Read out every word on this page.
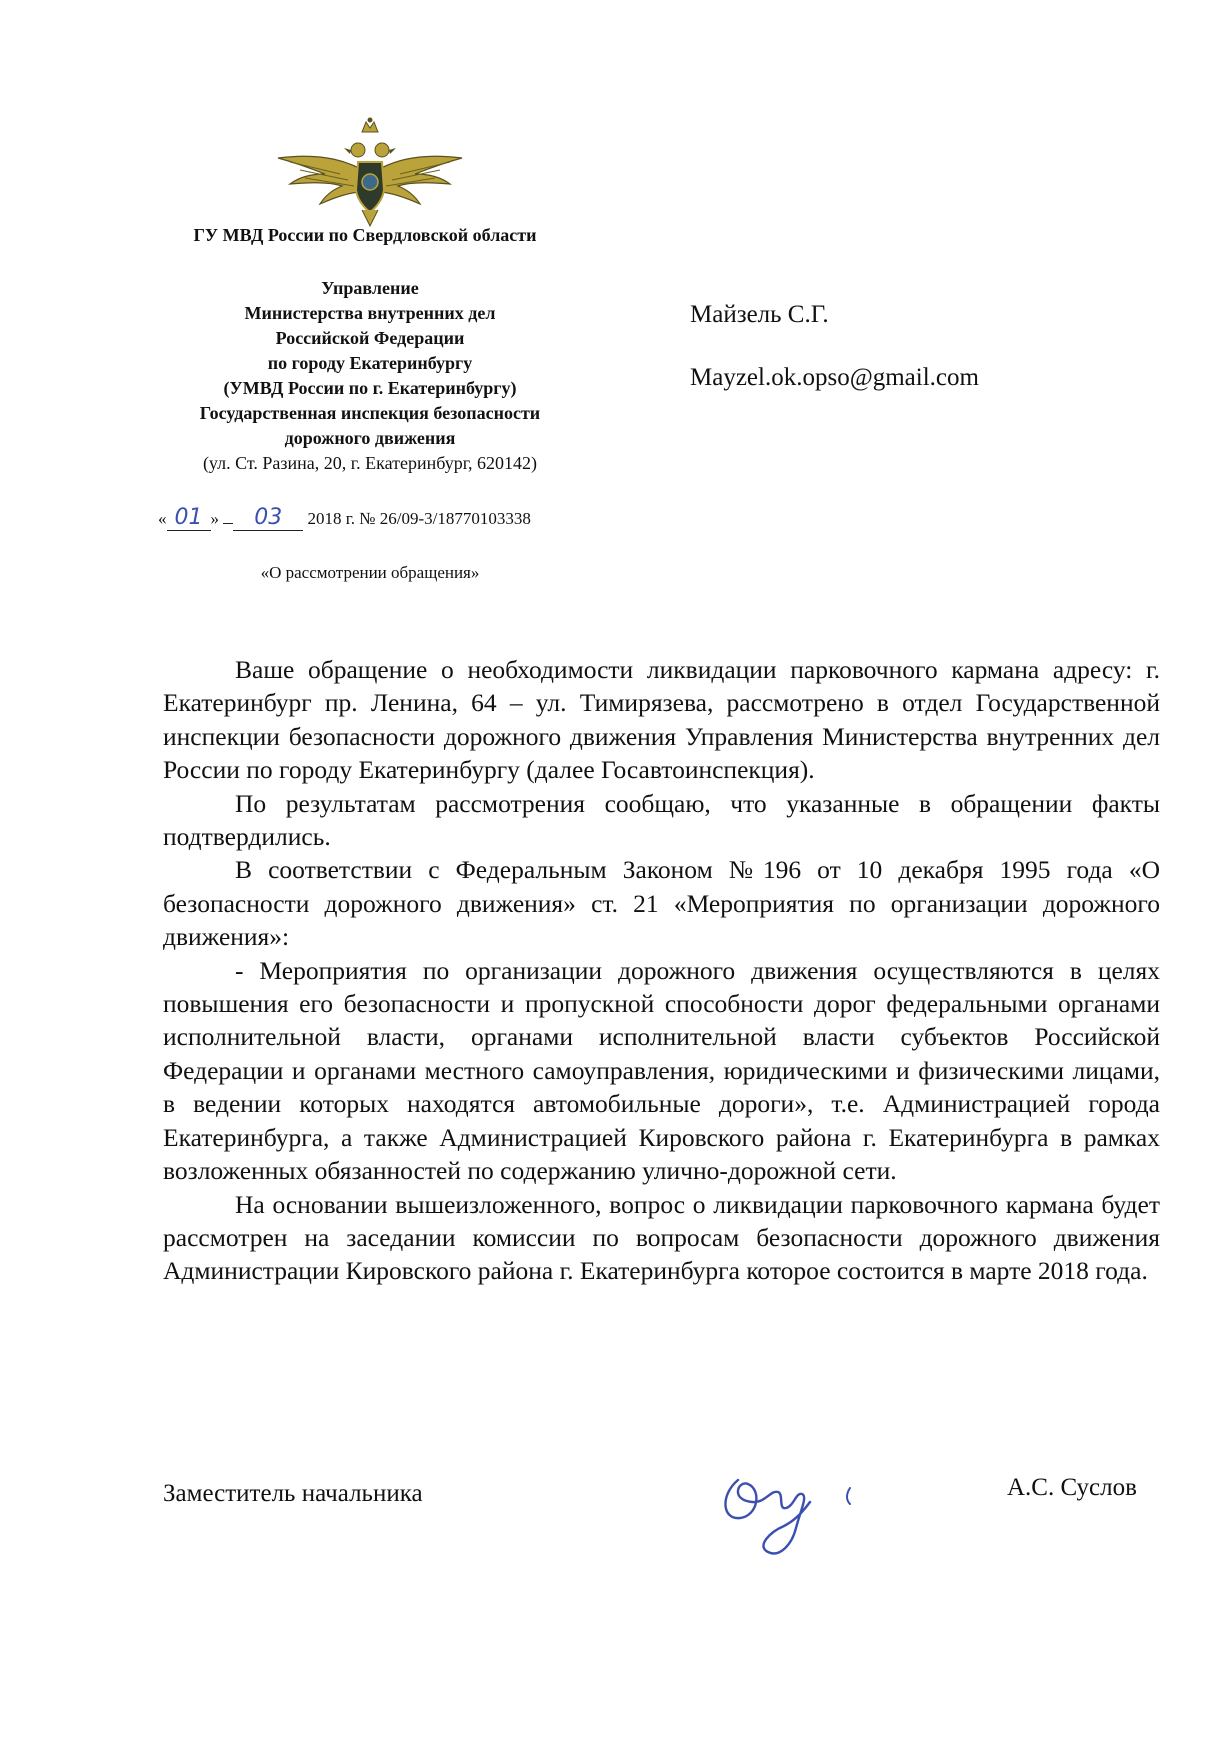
ГУ МВД России по Свердловской области
Управление
Министерства внутренних дел
Российской Федерации
по городу Екатеринбургу
(УМВД России по г. Екатеринбургу)
Государственная инспекция безопасности
дорожного движения
(ул. Ст. Разина, 20, г. Екатеринбург, 620142)
« 01 » 03 2018 г. № 26/09-3/18770103338
«О рассмотрении обращения»
Майзель С.Г.
Mayzel.ok.opso@gmail.com

Ваше обращение о необходимости ликвидации парковочного кармана адресу: г. Екатеринбург пр. Ленина, 64 – ул. Тимирязева, рассмотрено в отдел Государственной инспекции безопасности дорожного движения Управления Министерства внутренних дел России по городу Екатеринбургу (далее Госавтоинспекция).

По результатам рассмотрения сообщаю, что указанные в обращении факты подтвердились.

В соответствии с Федеральным Законом №196 от 10 декабря 1995 года «О безопасности дорожного движения» ст. 21 «Мероприятия по организации дорожного движения»:

- Мероприятия по организации дорожного движения осуществляются в целях повышения его безопасности и пропускной способности дорог федеральными органами исполнительной власти, органами исполнительной власти субъектов Российской Федерации и органами местного самоуправления, юридическими и физическими лицами, в ведении которых находятся автомобильные дороги», т.е. Администрацией города Екатеринбурга, а также Администрацией Кировского района г. Екатеринбурга в рамках возложенных обязанностей по содержанию улично-дорожной сети.

На основании вышеизложенного, вопрос о ликвидации парковочного кармана будет рассмотрен на заседании комиссии по вопросам безопасности дорожного движения Администрации Кировского района г. Екатеринбурга которое состоится в марте 2018 года.

Заместитель начальника	А.С. Суслов
